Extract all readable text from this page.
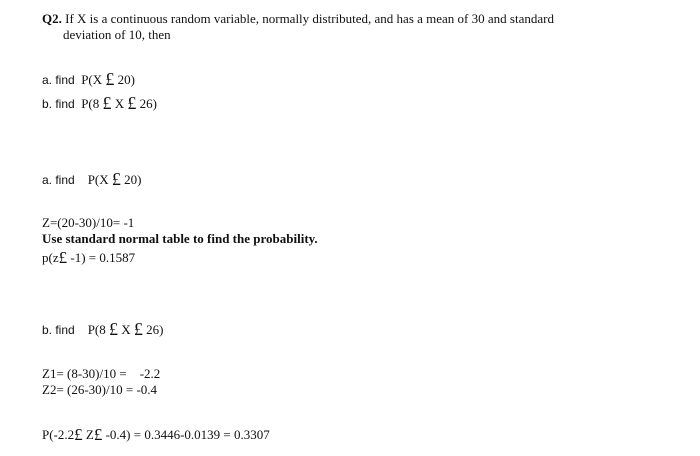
Q2. If X is a continuous random variable, normally distributed, and has a mean of 30 and standard
deviation of 10, then
a. find P(X £ 20)
b. find P(8 £ X £ 26)
a. find P(X £ 20)
Z=(20-30)/10= -1
Use standard normal table to find the probability.
p(z£ -1) = 0.1587
b. find P(8 £ X £ 26)
Z1= (8-30)/10 = -2.2
Z2= (26-30)/10 = -0.4
P(-2.2£ Z£ -0.4) = 0.3446-0.0139 = 0.3307
